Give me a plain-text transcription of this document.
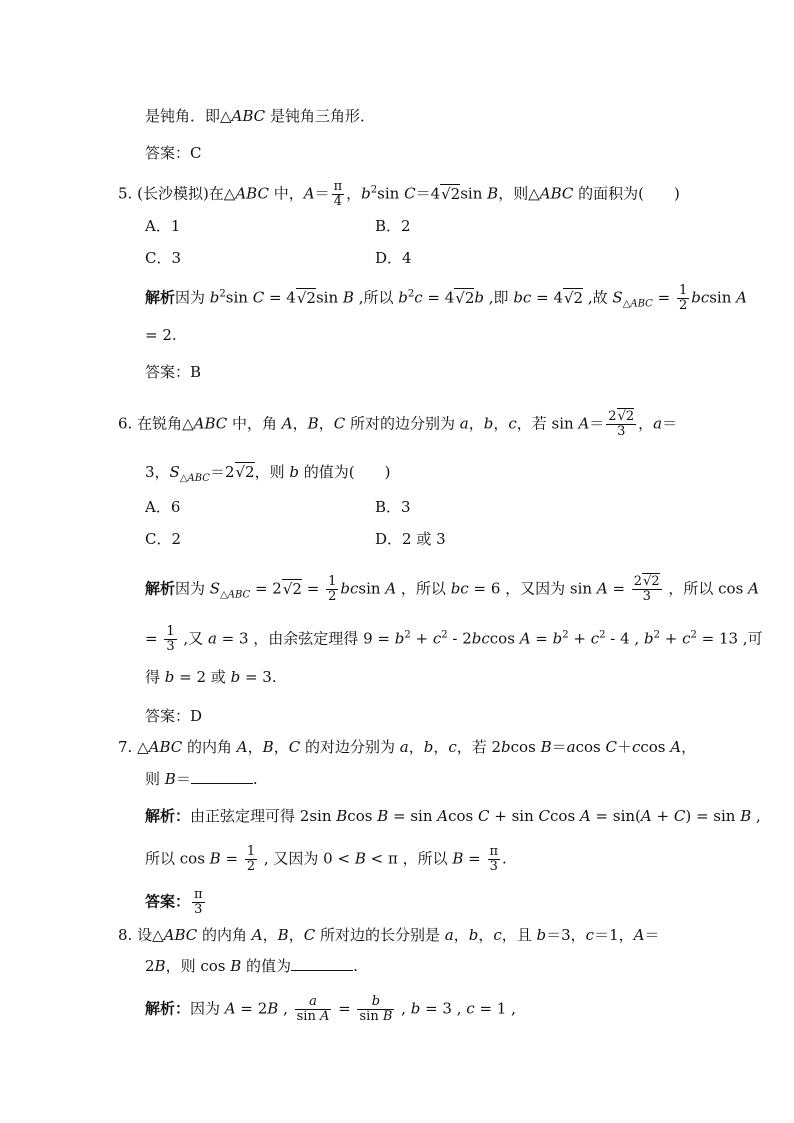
是钝角．即△ABC 是钝角三角形．
答案：C
5. (长沙模拟)在△ABC 中，$A= \frac{\pi}{4}$ ，$b^2\sin$ C＝4√2sin B，则△ABC 的面积为(　　)
A．1	B．2
C．3	D．4
解析因为 $b^2\sin$ C = 4√2sin B ,所以 $b^2c = 4√2b$ ,即 bc = 4√2 ,故 $S_{\triangle ABC} = \frac{1}{2}$ bcsin A
= 2.
答案：B
6. 在锐角△ABC 中，角 A，B，C 所对的边分别为 a，b，c，若 $\sin A= \frac{2√2}{3}$ ，a＝
3，$S_{\triangle ABC}=2√2$，则 b 的值为(　　)
A．6	B．3
C．2	D．2 或 3
解析因为 $S_{\triangle ABC} = 2√2 = \frac{1}{2}$ bcsin A ，所以 bc = 6 ，又因为 $\sin A = \frac{2√2}{3}$ ，所以 cos A
= $\frac{1}{3}$ ,又 a = 3 ，由余弦定理得 $9 = b^2 + c^2 - 2bccos$ $A = b^2 + c^2 - 4$ , $b^2 + c^2 = 13$ ,可
得 b = 2 或 b = 3.
答案：D
7. △ABC 的内角 A，B，C 的对边分别为 a，b，c，若 2bcos B＝acos C＋ccos A，
则 B＝	.
解析：由正弦定理可得 2sin Bcos B = sin Acos C + sin Ccos A = sin(A + C) = sin B ,
所以 $\cos B = \frac{1}{2}$ , 又因为 0 < B < π ，所以 $B = \frac{\pi}{3}$ .
答案： $\frac{\pi}{3}$
8. 设△ABC 的内角 A，B，C 所对边的长分别是 a，b，c，且 b＝3，c＝1，A＝
2B，则 cos B 的值为	.
解析：因为 A = 2B , $\frac{a}{\text{sin A}} = \frac{b}{\text{sin B}}$ , b = 3 , c = 1 ,
